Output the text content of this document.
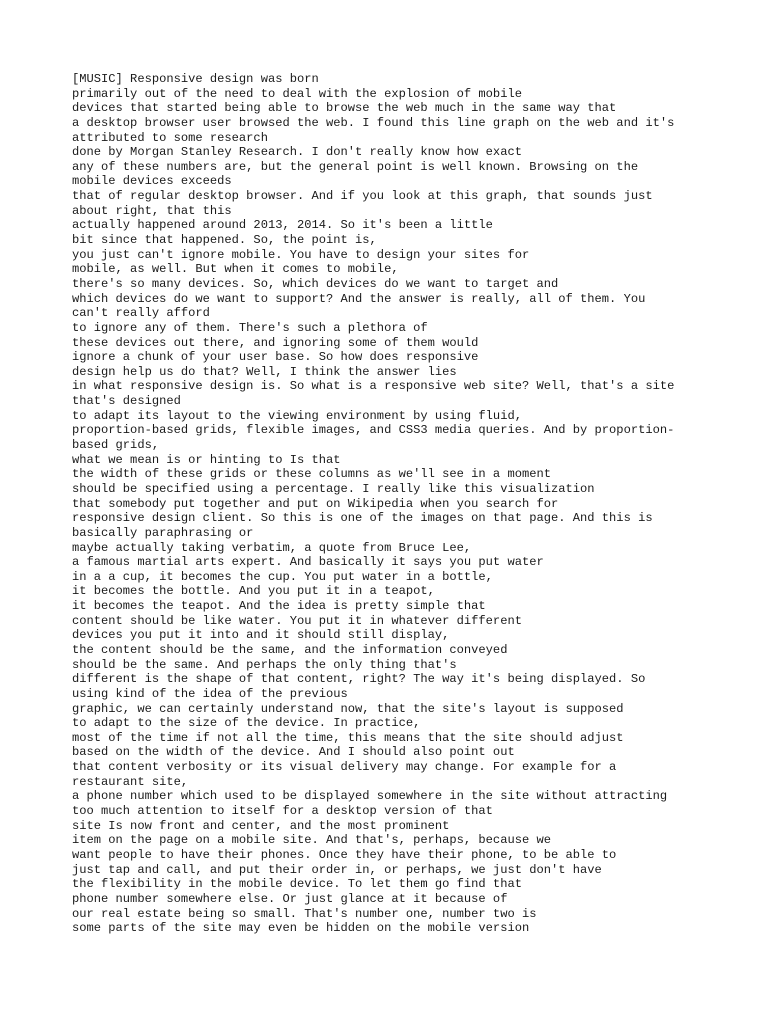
[MUSIC] Responsive design was born
primarily out of the need to deal with the explosion of mobile
devices that started being able to browse the web much in the same way that
a desktop browser user browsed the web. I found this line graph on the web and it's
attributed to some research
done by Morgan Stanley Research. I don't really know how exact
any of these numbers are, but the general point is well known. Browsing on the
mobile devices exceeds
that of regular desktop browser. And if you look at this graph, that sounds just
about right, that this
actually happened around 2013, 2014. So it's been a little
bit since that happened. So, the point is,
you just can't ignore mobile. You have to design your sites for
mobile, as well. But when it comes to mobile,
there's so many devices. So, which devices do we want to target and
which devices do we want to support? And the answer is really, all of them. You
can't really afford
to ignore any of them. There's such a plethora of
these devices out there, and ignoring some of them would
ignore a chunk of your user base. So how does responsive
design help us do that? Well, I think the answer lies
in what responsive design is. So what is a responsive web site? Well, that's a site
that's designed
to adapt its layout to the viewing environment by using fluid,
proportion-based grids, flexible images, and CSS3 media queries. And by proportion-
based grids,
what we mean is or hinting to Is that
the width of these grids or these columns as we'll see in a moment
should be specified using a percentage. I really like this visualization
that somebody put together and put on Wikipedia when you search for
responsive design client. So this is one of the images on that page. And this is
basically paraphrasing or
maybe actually taking verbatim, a quote from Bruce Lee,
a famous martial arts expert. And basically it says you put water
in a a cup, it becomes the cup. You put water in a bottle,
it becomes the bottle. And you put it in a teapot,
it becomes the teapot. And the idea is pretty simple that
content should be like water. You put it in whatever different
devices you put it into and it should still display,
the content should be the same, and the information conveyed
should be the same. And perhaps the only thing that's
different is the shape of that content, right? The way it's being displayed. So
using kind of the idea of the previous
graphic, we can certainly understand now, that the site's layout is supposed
to adapt to the size of the device. In practice,
most of the time if not all the time, this means that the site should adjust
based on the width of the device. And I should also point out
that content verbosity or its visual delivery may change. For example for a
restaurant site,
a phone number which used to be displayed somewhere in the site without attracting
too much attention to itself for a desktop version of that
site Is now front and center, and the most prominent
item on the page on a mobile site. And that's, perhaps, because we
want people to have their phones. Once they have their phone, to be able to
just tap and call, and put their order in, or perhaps, we just don't have
the flexibility in the mobile device. To let them go find that
phone number somewhere else. Or just glance at it because of
our real estate being so small. That's number one, number two is
some parts of the site may even be hidden on the mobile version
